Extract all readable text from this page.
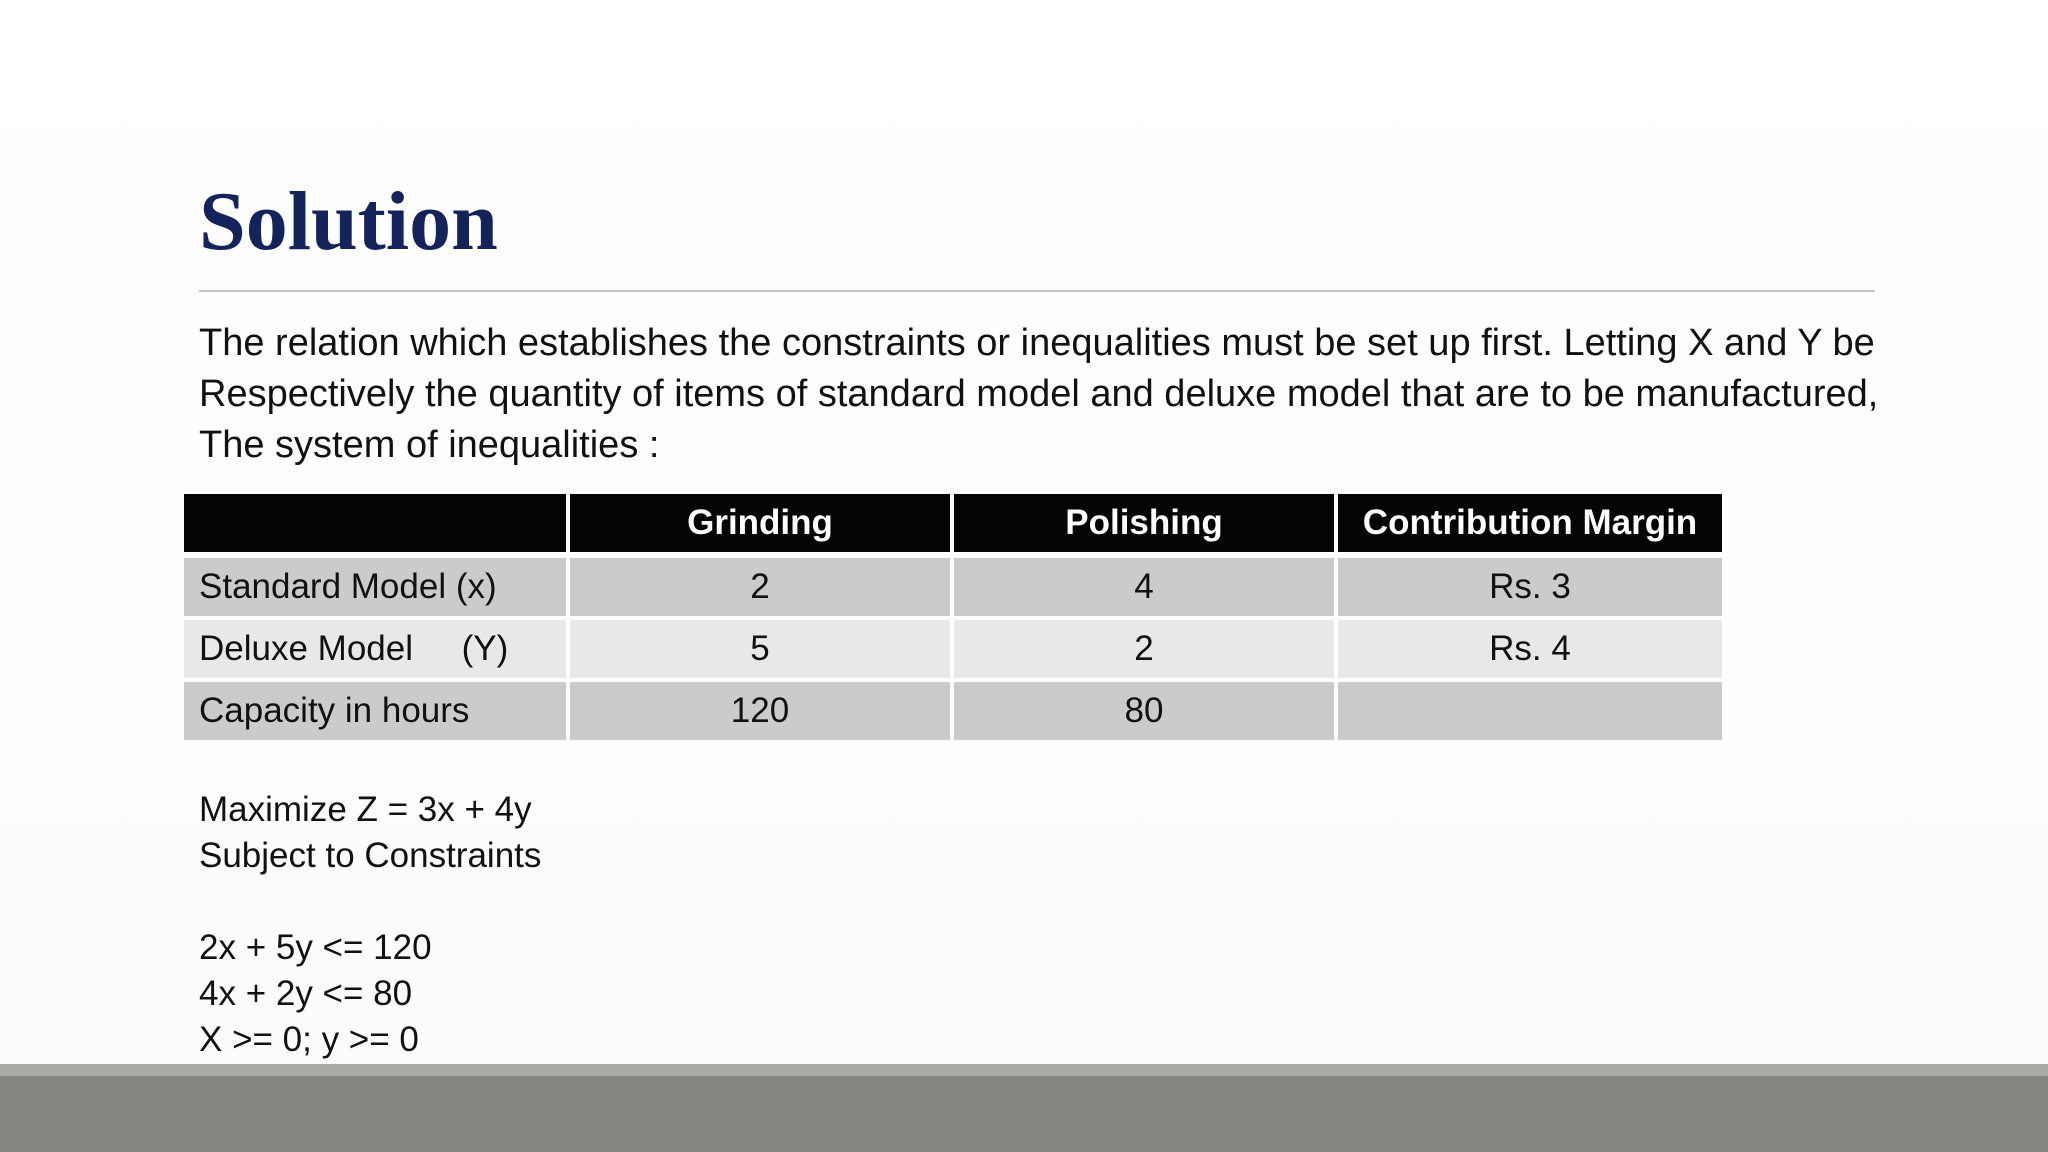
Solution
The relation which establishes the constraints or inequalities must be set up first. Letting X and Y be
Respectively the quantity of items of standard model and deluxe model that are to be manufactured,
The system of inequalities :
	Grinding	Polishing	Contribution Margin
Standard Model (x)	2	4	Rs. 3
Deluxe Model     (Y)	5	2	Rs. 4
Capacity in hours	120	80	
Maximize Z = 3x + 4y
Subject to Constraints
2x + 5y <= 120
4x + 2y <= 80
X >= 0; y >= 0
